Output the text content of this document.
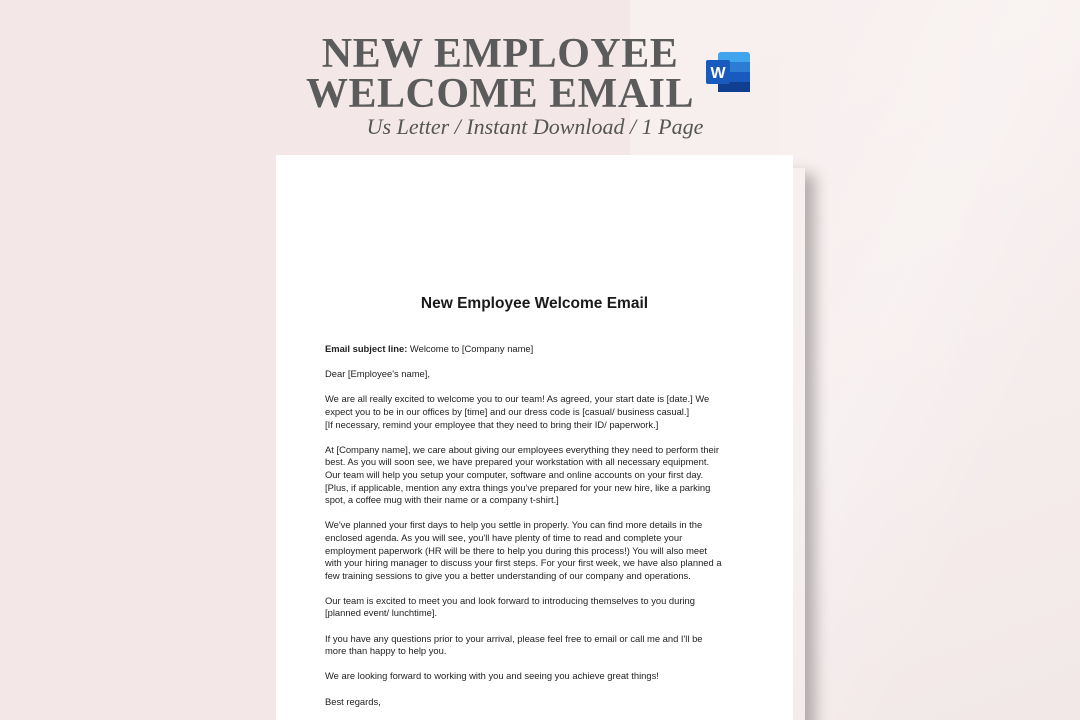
NEW EMPLOYEE
WELCOME EMAIL	W

Us Letter / Instant Download / 1 Page

New Employee Welcome Email

Email subject line: Welcome to [Company name]

Dear [Employee's name],

We are all really excited to welcome you to our team! As agreed, your start date is [date.] We
expect you to be in our offices by [time] and our dress code is [casual/ business casual.]
[If necessary, remind your employee that they need to bring their ID/ paperwork.]

At [Company name], we care about giving our employees everything they need to perform their
best. As you will soon see, we have prepared your workstation with all necessary equipment.
Our team will help you setup your computer, software and online accounts on your first day.
[Plus, if applicable, mention any extra things you've prepared for your new hire, like a parking
spot, a coffee mug with their name or a company t-shirt.]

We've planned your first days to help you settle in properly. You can find more details in the
enclosed agenda. As you will see, you'll have plenty of time to read and complete your
employment paperwork (HR will be there to help you during this process!) You will also meet
with your hiring manager to discuss your first steps. For your first week, we have also planned a
few training sessions to give you a better understanding of our company and operations.

Our team is excited to meet you and look forward to introducing themselves to you during
[planned event/ lunchtime].

If you have any questions prior to your arrival, please feel free to email or call me and I'll be
more than happy to help you.

We are looking forward to working with you and seeing you achieve great things!

Best regards,
